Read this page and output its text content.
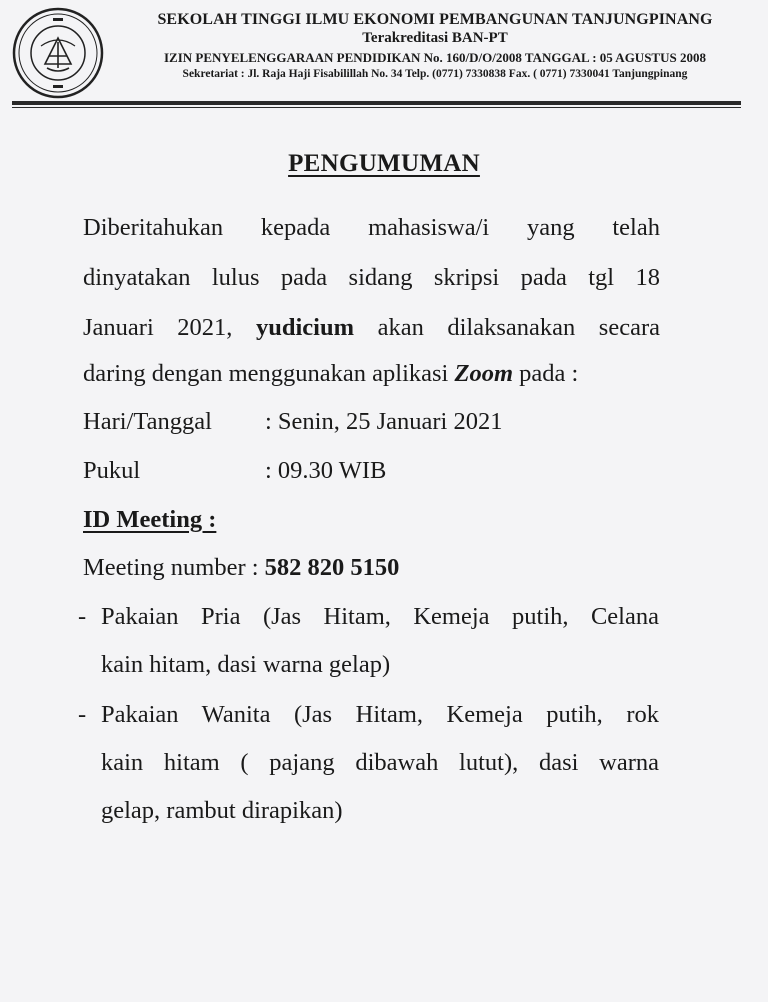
SEKOLAH TINGGI ILMU EKONOMI PEMBANGUNAN TANJUNGPINANG
Terakreditasi BAN-PT
IZIN PENYELENGGARAAN PENDIDIKAN No. 160/D/O/2008 TANGGAL : 05 AGUSTUS 2008
Sekretariat : Jl. Raja Haji Fisabilillah No. 34 Telp. (0771) 7330838 Fax. ( 0771) 7330041 Tanjungpinang
PENGUMUMAN
Diberitahukan kepada mahasiswa/i yang telah
dinyatakan lulus pada sidang skripsi pada tgl 18
Januari 2021, yudicium akan dilaksanakan secara
daring dengan menggunakan aplikasi Zoom pada :
Hari/Tanggal : Senin, 25 Januari 2021
Pukul	: 09.30 WIB
ID Meeting :
Meeting number : 582 820 5150
- Pakaian Pria (Jas Hitam, Kemeja putih, Celana
kain hitam, dasi warna gelap)
- Pakaian Wanita (Jas Hitam, Kemeja putih, rok
kain hitam ( pajang dibawah lutut), dasi warna
gelap, rambut dirapikan)
